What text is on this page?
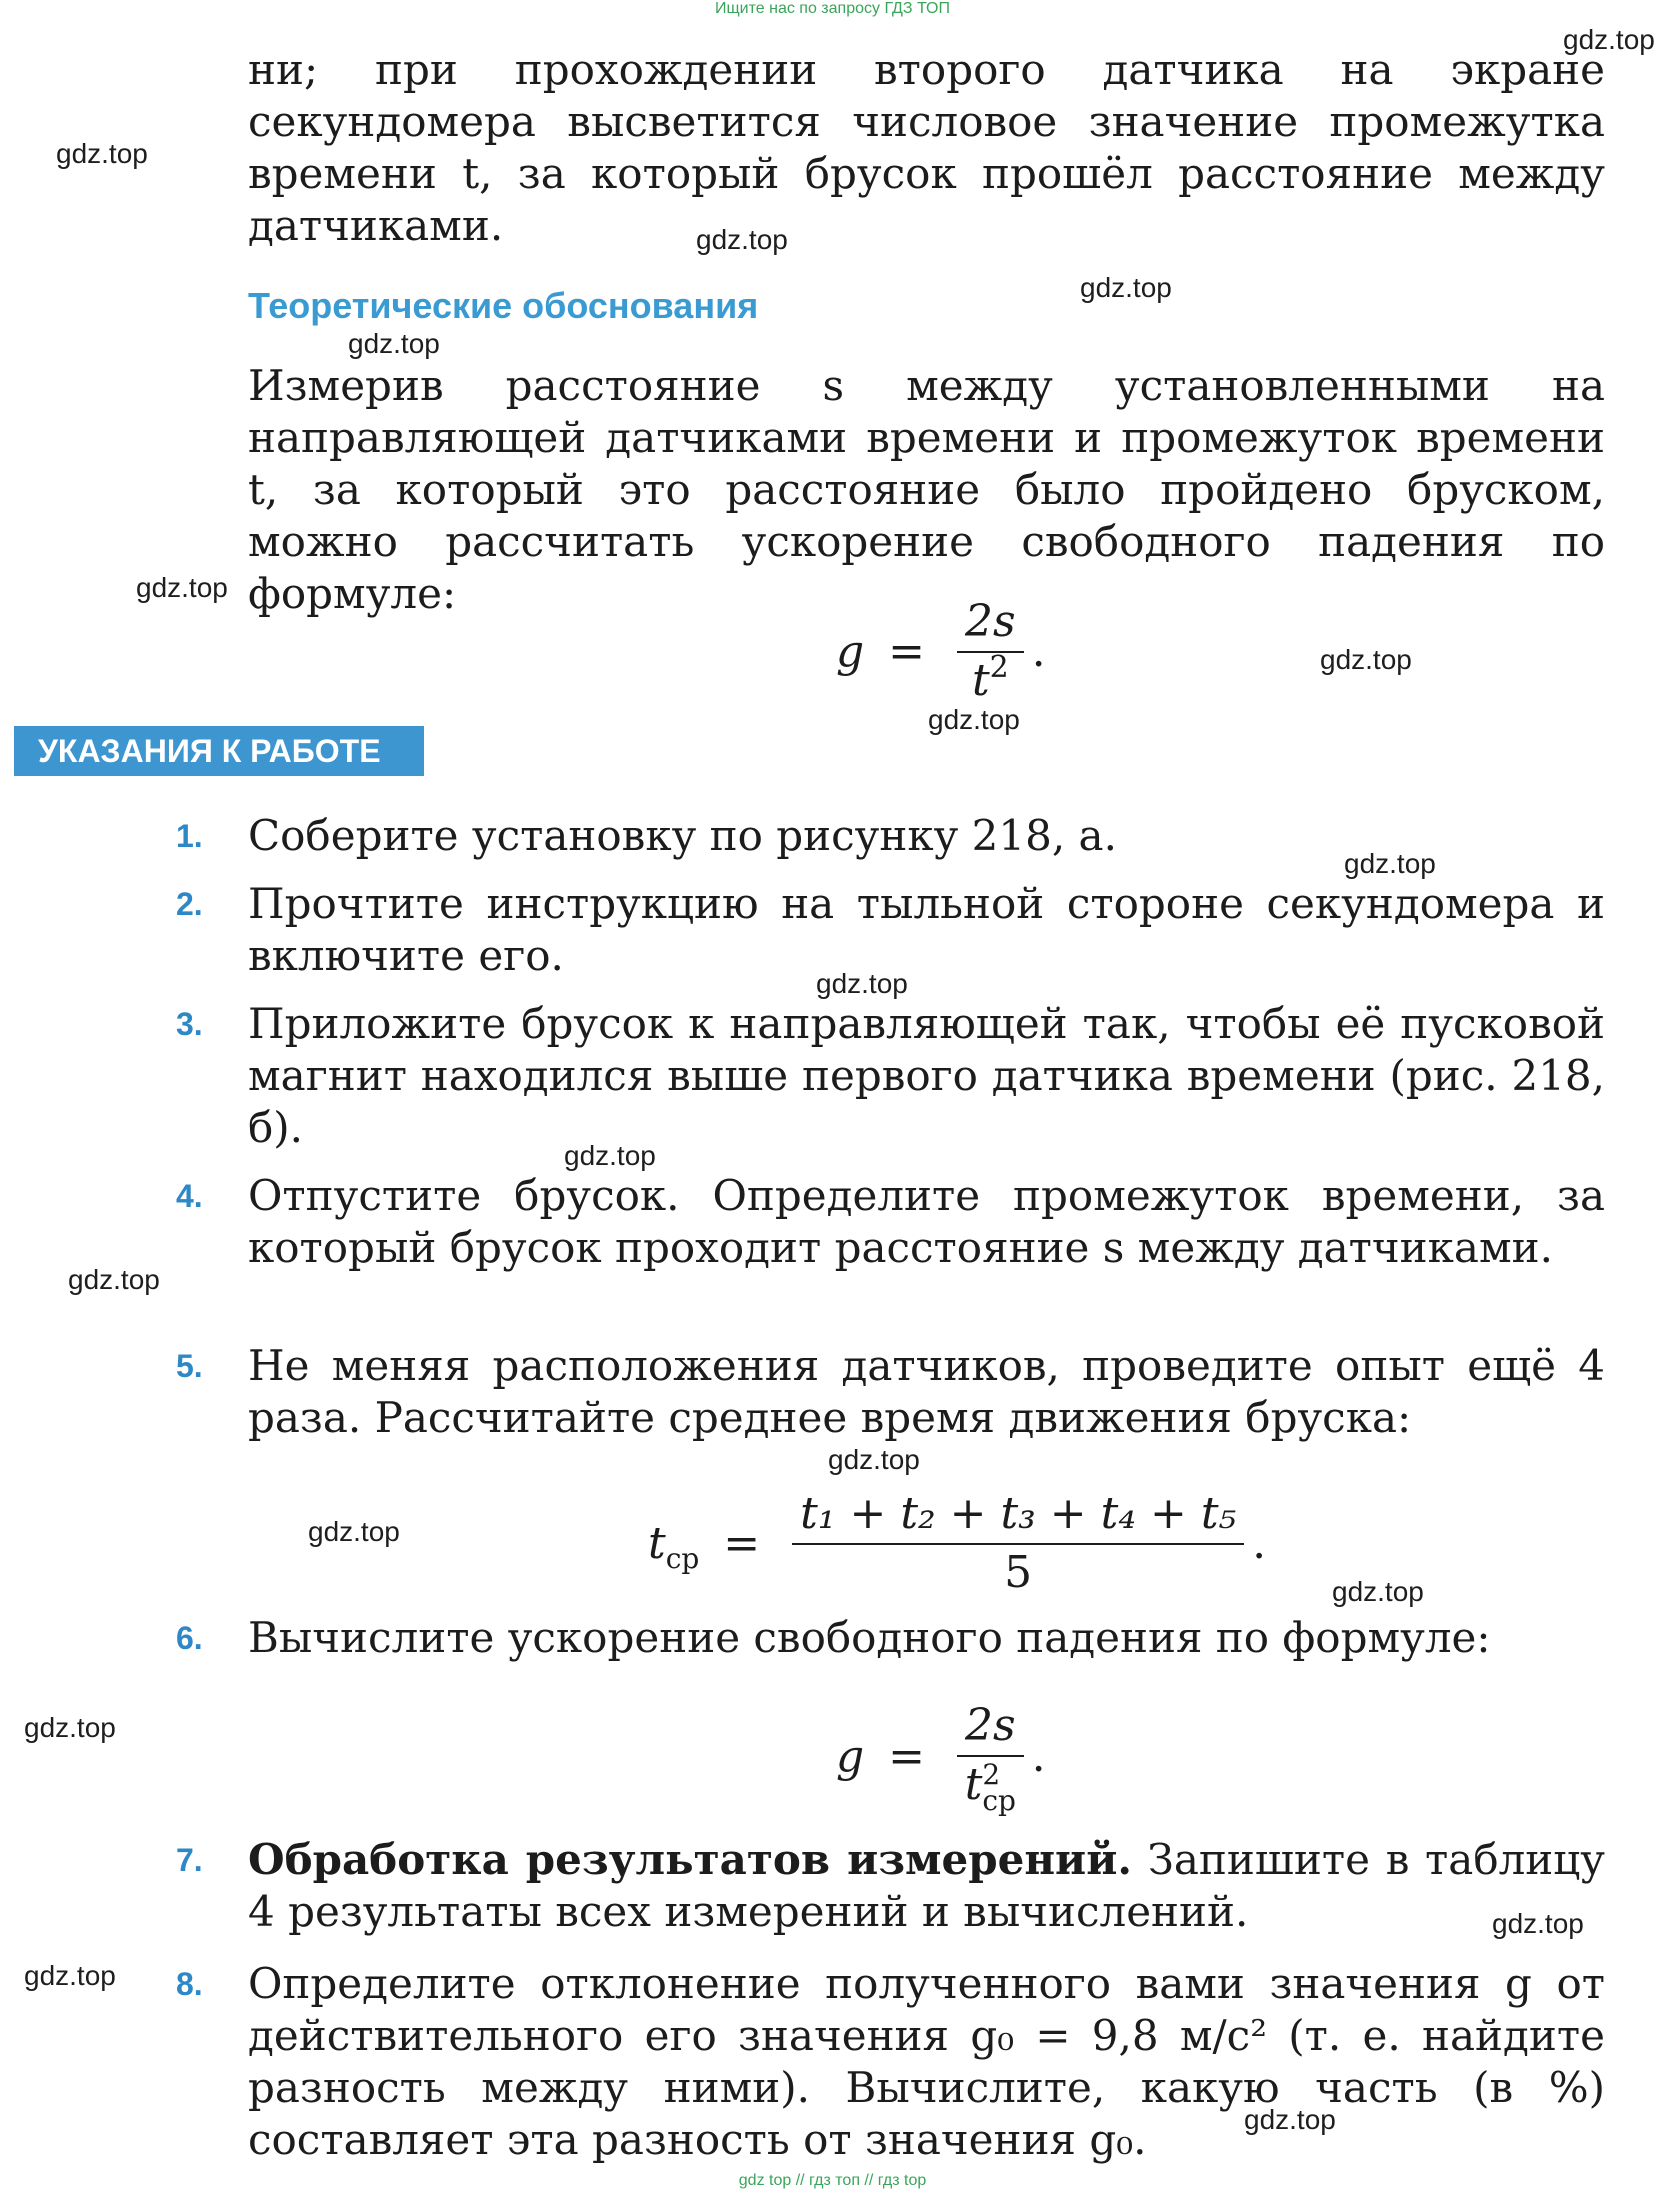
Ищите нас по запросу ГДЗ ТОП
gdz.top
gdz.top
gdz.top
gdz.top
gdz.top
gdz.top
gdz.top
gdz.top
gdz.top
gdz.top
gdz.top
gdz.top
gdz.top
gdz.top
gdz.top
gdz.top
gdz.top
gdz.top
gdz.top
ни; при прохождении второго датчика на экране секундомера высветится числовое значение промежутка времени t, за который брусок прошёл расстояние между датчиками.
Теоретические обоснования
Измерив расстояние s между установленными на направляющей датчиками времени и промежуток времени t, за который это расстояние было пройдено бруском, можно рассчитать ускорение свободного падения по формуле:
$g = \frac{2s}{t^2}$ .
УКАЗАНИЯ К РАБОТЕ
1.	Соберите установку по рисунку 218, а.
2.	Прочтите инструкцию на тыльной стороне секундомера и включите его.
3.	Приложите брусок к направляющей так, чтобы её пусковой магнит находился выше первого датчика времени (рис. 218, б).
4.	Отпустите брусок. Определите промежуток времени, за который брусок проходит расстояние s между датчиками.
5.	Не меняя расположения датчиков, проведите опыт ещё 4 раза. Рассчитайте среднее время движения бруска:
$t_{ср} = \frac{\text{t₁ + t₂ + t₃ + t₄ + t₅}}{5}$ .
6.	Вычислите ускорение свободного падения по формуле:
g = 2s
t 2
ср .
7.	Обработка результатов измерений. Запишите в таблицу 4 результаты всех измерений и вычислений.
8.	Определите отклонение полученного вами значения g от действительного его значения g₀ = 9,8 м/с² (т. е. найдите разность между ними). Вычислите, какую часть (в %) составляет эта разность от значения g₀.
gdz top // гдз топ // гдз top
